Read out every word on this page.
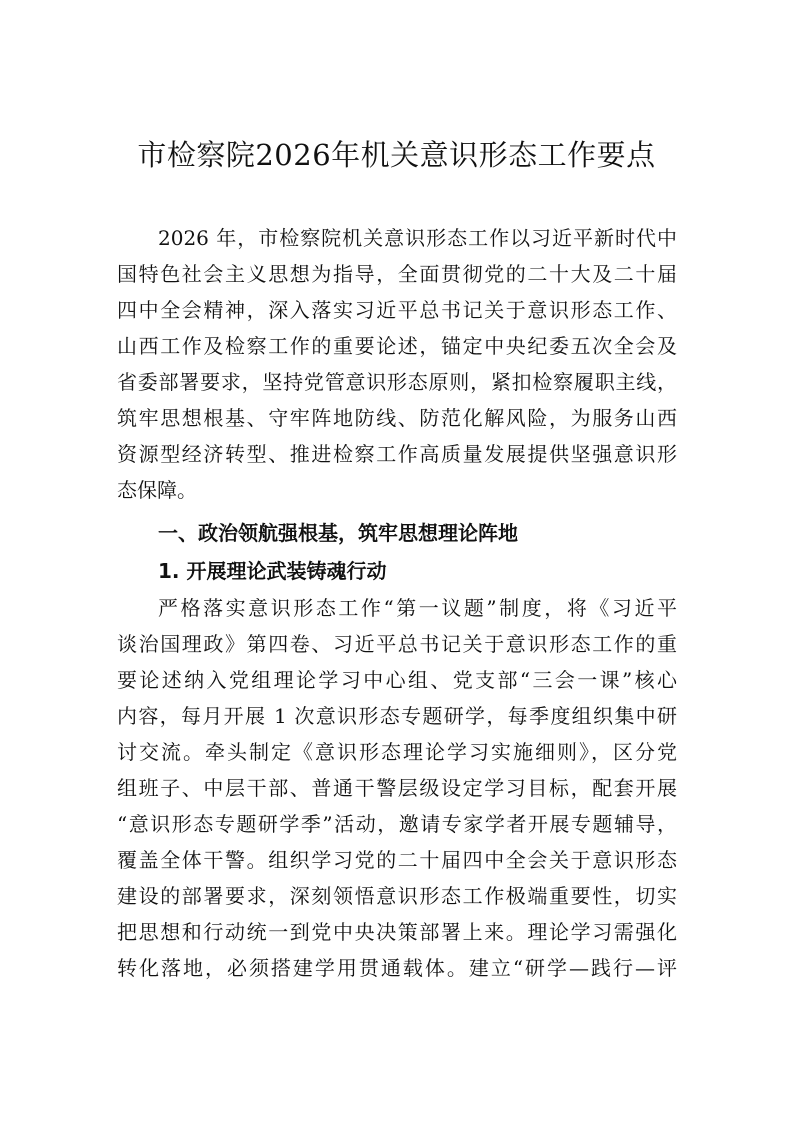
市检察院2026年机关意识形态工作要点
2026 年，市检察院机关意识形态工作以习近平新时代中
国特色社会主义思想为指导，全面贯彻党的二十大及二十届
四中全会精神，深入落实习近平总书记关于意识形态工作、
山西工作及检察工作的重要论述，锚定中央纪委五次全会及
省委部署要求，坚持党管意识形态原则，紧扣检察履职主线，
筑牢思想根基、守牢阵地防线、防范化解风险，为服务山西
资源型经济转型、推进检察工作高质量发展提供坚强意识形
态保障。
一、政治领航强根基，筑牢思想理论阵地
1. 开展理论武装铸魂行动
严格落实意识形态工作“第一议题”制度，将《习近平
谈治国理政》第四卷、习近平总书记关于意识形态工作的重
要论述纳入党组理论学习中心组、党支部“三会一课”核心
内容，每月开展 1 次意识形态专题研学，每季度组织集中研
讨交流。牵头制定《意识形态理论学习实施细则》，区分党
组班子、中层干部、普通干警层级设定学习目标，配套开展
“意识形态专题研学季”活动，邀请专家学者开展专题辅导，
覆盖全体干警。组织学习党的二十届四中全会关于意识形态
建设的部署要求，深刻领悟意识形态工作极端重要性，切实
把思想和行动统一到党中央决策部署上来。理论学习需强化
转化落地，必须搭建学用贯通载体。建立“研学—践行—评
